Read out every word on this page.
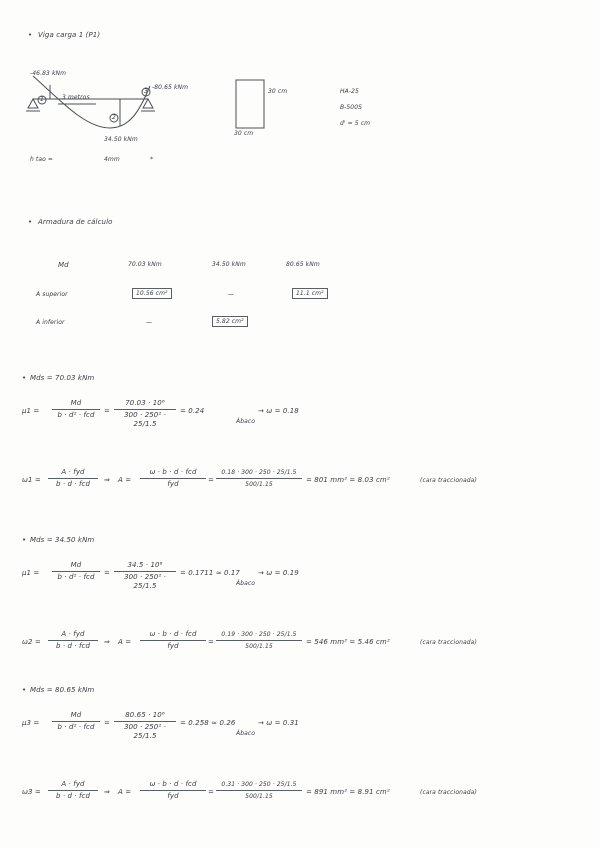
• Viga carga 1 (P1)
-46.83 kNm
-80.65 kNm
3 metros
34.50 kNm
1
2
3
h tao =	4mm	*
30 cm
30 cm
HA-25
B-500S
d' = 5 cm
• Armadura de cálculo
Md	70.03 kNm	34.50 kNm	80.65 kNm
A superior	10.56 cm²	—	11.1 cm²
A inferior	—	5.82 cm²
• Mds = 70.03 kNm
μ1 =
Md
b · d² · fcd	=
70.03 · 10⁶
300 · 250² · 25/1.5
= 0.24
Ábaco
→ ω = 0.18
ω1 =
A · fyd
b · d · fcd	⇒ A =
ω · b · d · fcd
fyd	=
0.18 · 300 · 250 · 25/1.5
500/1.15
= 801 mm² = 8.03 cm²	(cara traccionada)
• Mds = 34.50 kNm
μ1 =
Md
b · d² · fcd	=
34.5 · 10⁶
300 · 250² · 25/1.5
= 0.1711 ≈ 0.17
Ábaco
→ ω = 0.19
ω2 =
A · fyd
b · d · fcd	⇒ A =
ω · b · d · fcd
fyd	=
0.19 · 300 · 250 · 25/1.5
500/1.15
= 546 mm² = 5.46 cm²	(cara traccionada)
• Mds = 80.65 kNm
μ3 =
Md
b · d² · fcd	=
80.65 · 10⁶
300 · 250² · 25/1.5
= 0.258 ≈ 0.26
Ábaco
→ ω = 0.31
ω3 =
A · fyd
b · d · fcd	⇒ A =
ω · b · d · fcd
fyd	=
0.31 · 300 · 250 · 25/1.5
500/1.15
= 891 mm² = 8.91 cm²	(cara traccionada)
